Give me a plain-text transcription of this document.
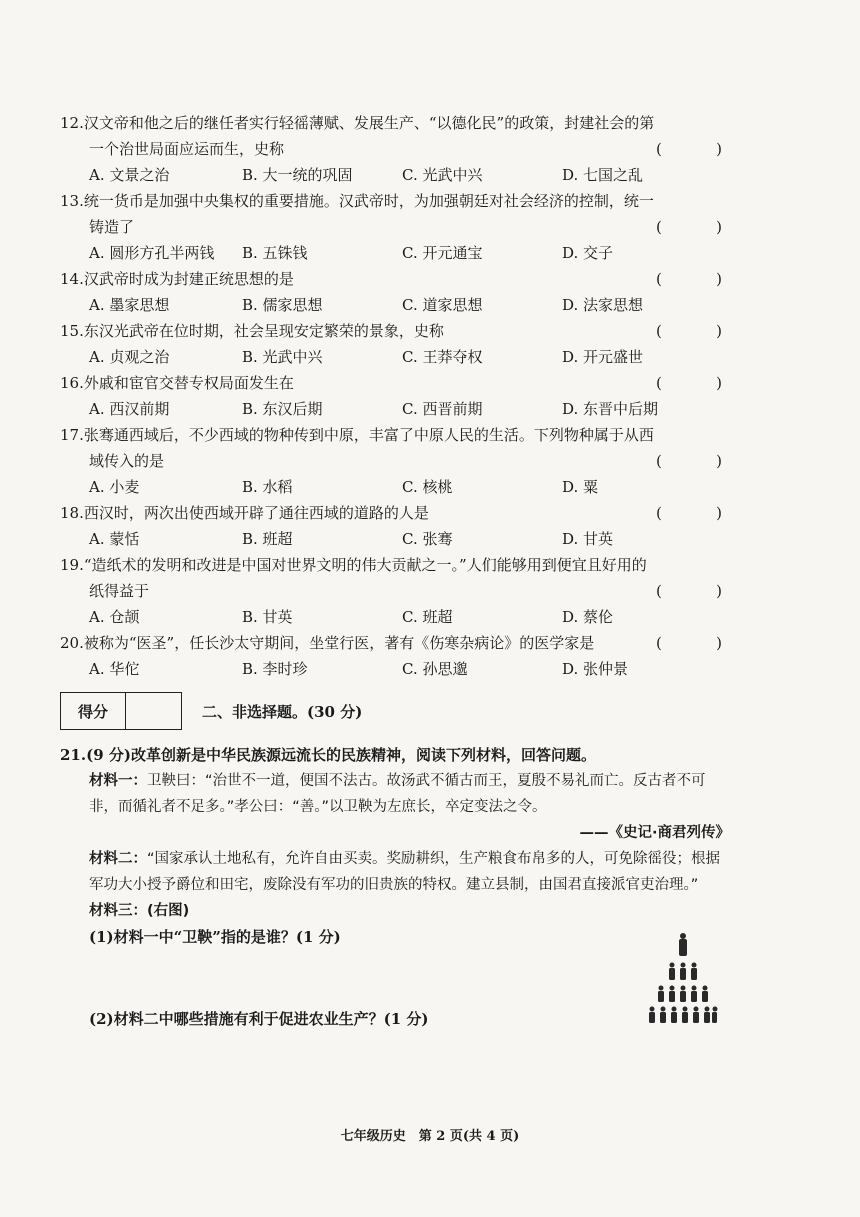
12.汉文帝和他之后的继任者实行轻徭薄赋、发展生产、“以德化民”的政策，封建社会的第一个治世局面应运而生，史称	(	)
A. 文景之治	B. 大一统的巩固	C. 光武中兴	D. 七国之乱
13.统一货币是加强中央集权的重要措施。汉武帝时，为加强朝廷对社会经济的控制，统一铸造了	(	)
A. 圆形方孔半两钱	B. 五铢钱	C. 开元通宝	D. 交子
14.汉武帝时成为封建正统思想的是	(	)
A. 墨家思想	B. 儒家思想	C. 道家思想	D. 法家思想
15.东汉光武帝在位时期，社会呈现安定繁荣的景象，史称	(	)
A. 贞观之治	B. 光武中兴	C. 王莽夺权	D. 开元盛世
16.外戚和宦官交替专权局面发生在	(	)
A. 西汉前期	B. 东汉后期	C. 西晋前期	D. 东晋中后期
17.张骞通西域后，不少西域的物种传到中原，丰富了中原人民的生活。下列物种属于从西域传入的是	(	)
A. 小麦	B. 水稻	C. 核桃	D. 粟
18.西汉时，两次出使西域开辟了通往西域的道路的人是	(	)
A. 蒙恬	B. 班超	C. 张骞	D. 甘英
19.“造纸术的发明和改进是中国对世界文明的伟大贡献之一。”人们能够用到便宜且好用的纸得益于	(	)
A. 仓颉	B. 甘英	C. 班超	D. 蔡伦
20.被称为“医圣”，任长沙太守期间，坐堂行医，著有《伤寒杂病论》的医学家是	(	)
A. 华佗	B. 李时珍	C. 孙思邈	D. 张仲景
得分	二、非选择题。(30 分)
21.(9 分)改革创新是中华民族源远流长的民族精神，阅读下列材料，回答问题。
材料一：卫鞅曰：“治世不一道，便国不法古。故汤武不循古而王，夏殷不易礼而亡。反古者不可非，而循礼者不足多。”孝公曰：“善。”以卫鞅为左庶长，卒定变法之令。
——《史记·商君列传》
材料二：“国家承认土地私有，允许自由买卖。奖励耕织，生产粮食布帛多的人，可免除徭役；根据军功大小授予爵位和田宅，废除没有军功的旧贵族的特权。建立县制，由国君直接派官吏治理。”
材料三：(右图)
(1)材料一中“卫鞅”指的是谁？(1 分)
(2)材料二中哪些措施有利于促进农业生产？(1 分)
七年级历史　第 2 页(共 4 页)
